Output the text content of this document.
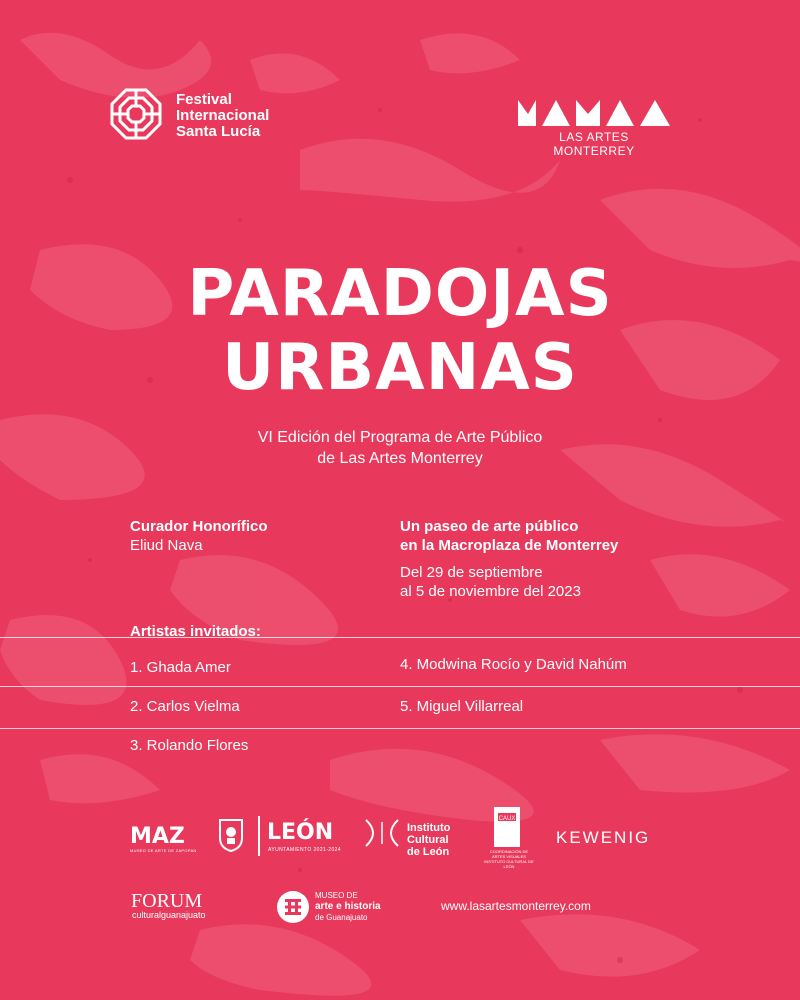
Festival
Internacional
Santa Lucía	LAS ARTES MONTERREY
PARADOJAS
URBANAS
VI Edición del Programa de Arte Público
de Las Artes Monterrey
Curador Honorífico
Eliud Nava
Un paseo de arte público
en la Macroplaza de Monterrey
Del 29 de septiembre
al 5 de noviembre del 2023
Artistas invitados:
1. Ghada Amer
2. Carlos Vielma
3. Rolando Flores
4. Modwina Rocío y David Nahúm
5. Miguel Villarreal
MAZ
MUSEO DE ARTE DE ZAPOPAN
LEÓN
AYUNTAMIENTO 2021-2024
Instituto
Cultural
de León
CAUX
COORDINACIÓN DE ARTES VISUALES INSTITUTO CULTURAL DE LEÓN
KEWENIG
FORUM
culturalguanajuato
MUSEO DE
arte e historia
de Guanajuato
www.lasartesmonterrey.com
